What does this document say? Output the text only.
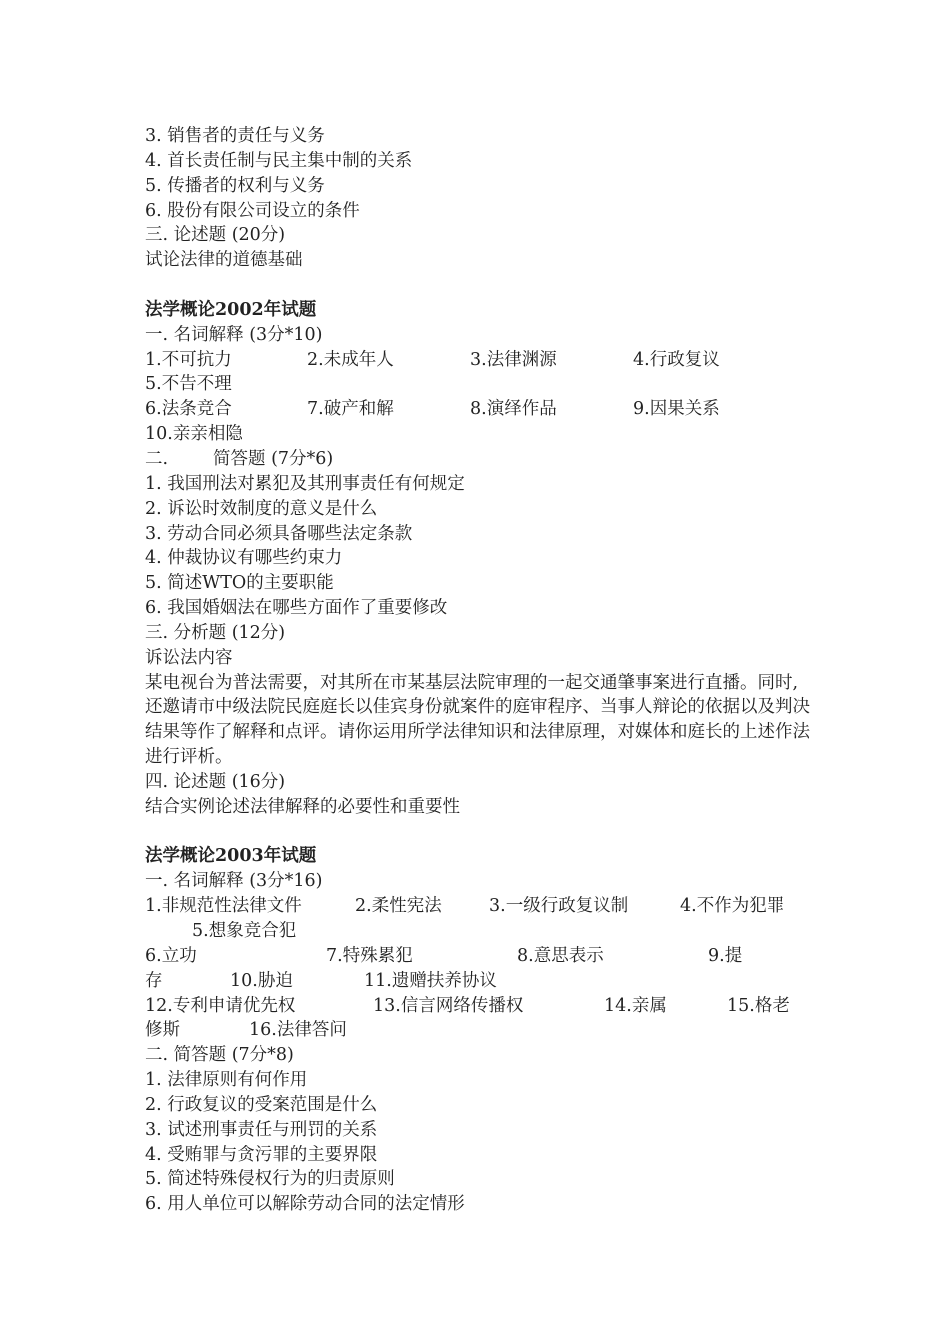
3. 销售者的责任与义务
4. 首长责任制与民主集中制的关系
5. 传播者的权利与义务
6. 股份有限公司设立的条件
三. 论述题 (20分)
试论法律的道德基础
法学概论2002年试题
一. 名词解释 (3分*10)
1.不可抗力	2.未成年人	3.法律渊源	4.行政复议
5.不告不理
6.法条竞合	7.破产和解	8.演绎作品	9.因果关系
10.亲亲相隐
二.	简答题 (7分*6)
1. 我国刑法对累犯及其刑事责任有何规定
2. 诉讼时效制度的意义是什么
3. 劳动合同必须具备哪些法定条款
4. 仲裁协议有哪些约束力
5. 简述WTO的主要职能
6. 我国婚姻法在哪些方面作了重要修改
三. 分析题 (12分)
诉讼法内容
某电视台为普法需要，对其所在市某基层法院审理的一起交通肇事案进行直播。同时,还邀请市中级法院民庭庭长以佳宾身份就案件的庭审程序、当事人辩论的依据以及判决结果等作了解释和点评。请你运用所学法律知识和法律原理，对媒体和庭长的上述作法进行评析。
四. 论述题 (16分)
结合实例论述法律解释的必要性和重要性
法学概论2003年试题
一. 名词解释 (3分*16)
1.非规范性法律文件	2.柔性宪法	3.一级行政复议制	4.不作为犯罪
5.想象竞合犯
6.立功	7.特殊累犯	8.意思表示	9.提
存	10.胁迫	11.遗赠扶养协议
12.专利申请优先权	13.信言网络传播权	14.亲属	15.格老
修斯	16.法律答问
二. 简答题 (7分*8)
1. 法律原则有何作用
2. 行政复议的受案范围是什么
3. 试述刑事责任与刑罚的关系
4. 受贿罪与贪污罪的主要界限
5. 简述特殊侵权行为的归责原则
6. 用人单位可以解除劳动合同的法定情形
